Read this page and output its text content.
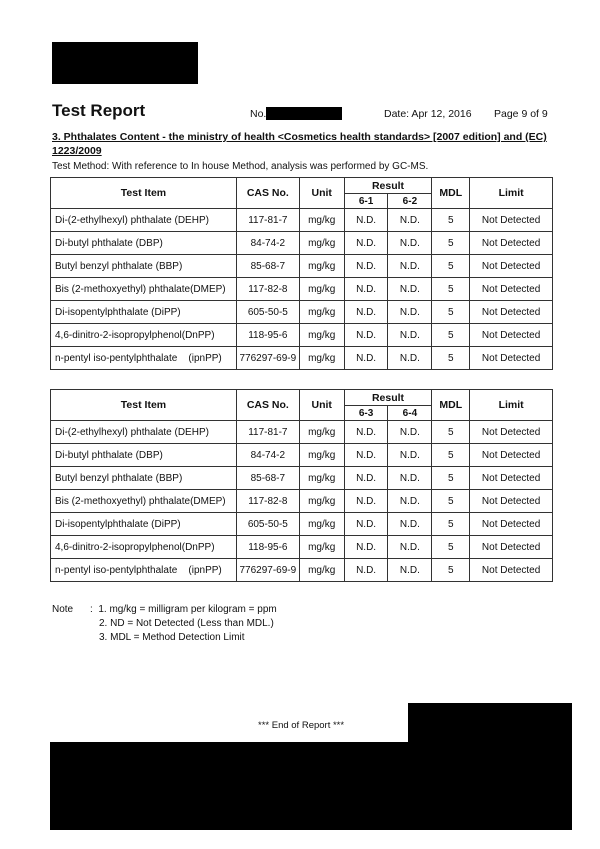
Test Report	No.	Date: Apr 12, 2016 Page 9 of 9
3. Phthalates Content - the ministry of health <Cosmetics health standards> [2007 edition] and (EC) 1223/2009
Test Method: With reference to In house Method, analysis was performed by GC-MS.
Test Item	CAS No.	Unit	Result		MDL	Limit
			6-1	6-2		
Di-(2-ethylhexyl) phthalate (DEHP)	117-81-7	mg/kg	N.D.	N.D.	5	Not Detected
Di-butyl phthalate (DBP)	84-74-2	mg/kg	N.D.	N.D.	5	Not Detected
Butyl benzyl phthalate (BBP)	85-68-7	mg/kg	N.D.	N.D.	5	Not Detected
Bis (2-methoxyethyl) phthalate(DMEP)	117-82-8	mg/kg	N.D.	N.D.	5	Not Detected
Di-isopentylphthalate (DiPP)	605-50-5	mg/kg	N.D.	N.D.	5	Not Detected
4,6-dinitro-2-isopropylphenol(DnPP)	118-95-6	mg/kg	N.D.	N.D.	5	Not Detected
n-pentyl iso-pentylphthalate    (ipnPP)	776297-69-9	mg/kg	N.D.	N.D.	5	Not Detected
Test Item	CAS No.	Unit	Result		MDL	Limit
			6-3	6-4		
Di-(2-ethylhexyl) phthalate (DEHP)	117-81-7	mg/kg	N.D.	N.D.	5	Not Detected
Di-butyl phthalate (DBP)	84-74-2	mg/kg	N.D.	N.D.	5	Not Detected
Butyl benzyl phthalate (BBP)	85-68-7	mg/kg	N.D.	N.D.	5	Not Detected
Bis (2-methoxyethyl) phthalate(DMEP)	117-82-8	mg/kg	N.D.	N.D.	5	Not Detected
Di-isopentylphthalate (DiPP)	605-50-5	mg/kg	N.D.	N.D.	5	Not Detected
4,6-dinitro-2-isopropylphenol(DnPP)	118-95-6	mg/kg	N.D.	N.D.	5	Not Detected
n-pentyl iso-pentylphthalate    (ipnPP)	776297-69-9	mg/kg	N.D.	N.D.	5	Not Detected
Note : 1. mg/kg = milligram per kilogram = ppm
2. ND = Not Detected (Less than MDL.)
3. MDL = Method Detection Limit
*** End of Report ***
